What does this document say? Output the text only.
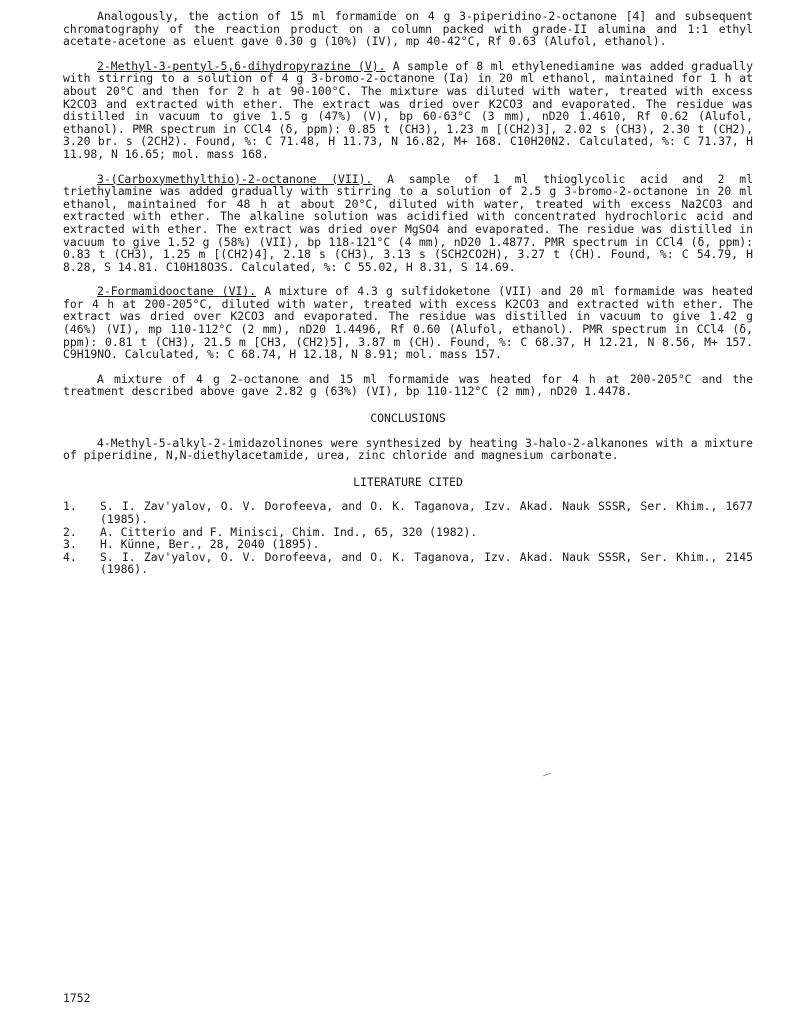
Analogously, the action of 15 ml formamide on 4 g 3-piperidino-2-octanone [4] and subsequent chromatography of the reaction product on a column packed with grade-II alumina and 1:1 ethyl acetate-acetone as eluent gave 0.30 g (10%) (IV), mp 40-42°C, Rf 0.63 (Alufol, ethanol).

2-Methyl-3-pentyl-5,6-dihydropyrazine (V). A sample of 8 ml ethylenediamine was added gradually with stirring to a solution of 4 g 3-bromo-2-octanone (Ia) in 20 ml ethanol, maintained for 1 h at about 20°C and then for 2 h at 90-100°C. The mixture was diluted with water, treated with excess K2CO3 and extracted with ether. The extract was dried over K2CO3 and evaporated. The residue was distilled in vacuum to give 1.5 g (47%) (V), bp 60-63°C (3 mm), nD20 1.4610, Rf 0.62 (Alufol, ethanol). PMR spectrum in CCl4 (δ, ppm): 0.85 t (CH3), 1.23 m [(CH2)3], 2.02 s (CH3), 2.30 t (CH2), 3.20 br. s (2CH2). Found, %: C 71.48, H 11.73, N 16.82, M+ 168. C10H20N2. Calculated, %: C 71.37, H 11.98, N 16.65; mol. mass 168.

3-(Carboxymethylthio)-2-octanone (VII). A sample of 1 ml thioglycolic acid and 2 ml triethylamine was added gradually with stirring to a solution of 2.5 g 3-bromo-2-octanone in 20 ml ethanol, maintained for 48 h at about 20°C, diluted with water, treated with excess Na2CO3 and extracted with ether. The alkaline solution was acidified with concentrated hydrochloric acid and extracted with ether. The extract was dried over MgSO4 and evaporated. The residue was distilled in vacuum to give 1.52 g (58%) (VII), bp 118-121°C (4 mm), nD20 1.4877. PMR spectrum in CCl4 (δ, ppm): 0.83 t (CH3), 1.25 m [(CH2)4], 2.18 s (CH3), 3.13 s (SCH2CO2H), 3.27 t (CH). Found, %: C 54.79, H 8.28, S 14.81. C10H18O3S. Calculated, %: C 55.02, H 8.31, S 14.69.

2-Formamidooctane (VI). A mixture of 4.3 g sulfidoketone (VII) and 20 ml formamide was heated for 4 h at 200-205°C, diluted with water, treated with excess K2CO3 and extracted with ether. The extract was dried over K2CO3 and evaporated. The residue was distilled in vacuum to give 1.42 g (46%) (VI), mp 110-112°C (2 mm), nD20 1.4496, Rf 0.60 (Alufol, ethanol). PMR spectrum in CCl4 (δ, ppm): 0.81 t (CH3), 21.5 m [CH3, (CH2)5], 3.87 m (CH). Found, %: C 68.37, H 12.21, N 8.56, M+ 157. C9H19NO. Calculated, %: C 68.74, H 12.18, N 8.91; mol. mass 157.

A mixture of 4 g 2-octanone and 15 ml formamide was heated for 4 h at 200-205°C and the treatment described above gave 2.82 g (63%) (VI), bp 110-112°C (2 mm), nD20 1.4478.

CONCLUSIONS

4-Methyl-5-alkyl-2-imidazolinones were synthesized by heating 3-halo-2-alkanones with a mixture of piperidine, N,N-diethylacetamide, urea, zinc chloride and magnesium carbonate.

LITERATURE CITED
1.	S. I. Zav'yalov, O. V. Dorofeeva, and O. K. Taganova, Izv. Akad. Nauk SSSR, Ser. Khim., 1677 (1985).
2.	A. Citterio and F. Minisci, Chim. Ind., 65, 320 (1982).
3.	H. Künne, Ber., 28, 2040 (1895).
4.	S. I. Zav'yalov, O. V. Dorofeeva, and O. K. Taganova, Izv. Akad. Nauk SSSR, Ser. Khim., 2145 (1986).
1752
